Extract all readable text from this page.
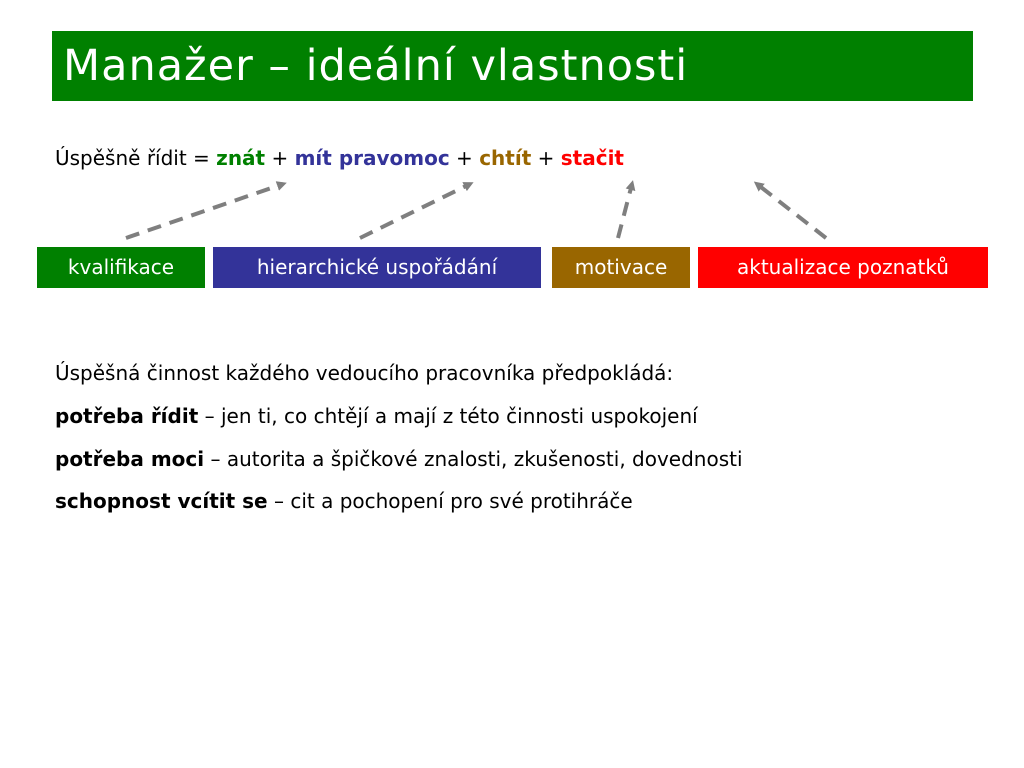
Manažer – ideální vlastnosti
Úspěšně řídit = znát + mít pravomoc + chtít + stačit
kvalifikace	hierarchické uspořádání	motivace	aktualizace poznatků
Úspěšná činnost každého vedoucího pracovníka předpokládá:
potřeba řídit – jen ti, co chtějí a mají z této činnosti uspokojení
potřeba moci – autorita a špičkové znalosti, zkušenosti, dovednosti
schopnost vcítit se – cit a pochopení pro své protihráče
